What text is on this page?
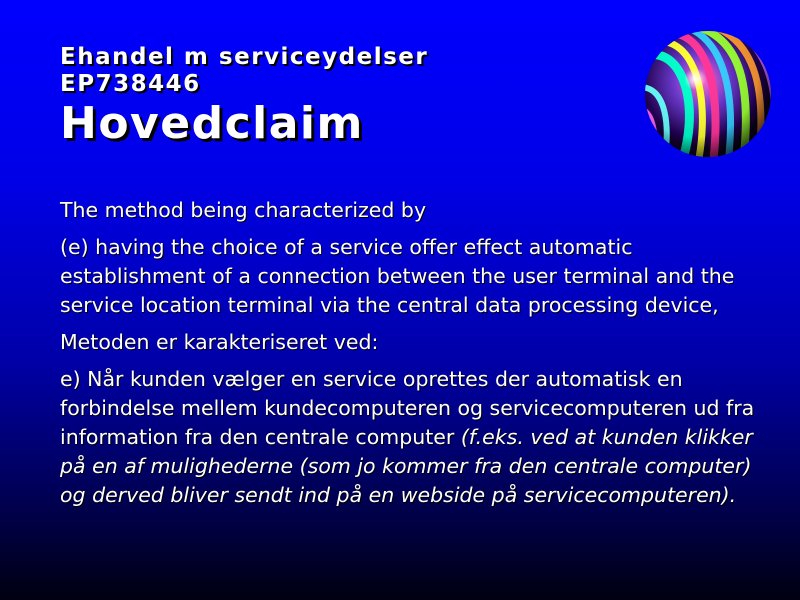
Ehandel m serviceydelser
EP738446
Hovedclaim

The method being characterized by

(e) having the choice of a service offer effect automatic establishment of a connection between the user terminal and the service location terminal via the central data processing device,

Metoden er karakteriseret ved:

e) Når kunden vælger en service oprettes der automatisk en forbindelse mellem kundecomputeren og servicecomputeren ud fra information fra den centrale computer (f.eks. ved at kunden klikker på en af mulighederne (som jo kommer fra den centrale computer) og derved bliver sendt ind på en webside på servicecomputeren).
